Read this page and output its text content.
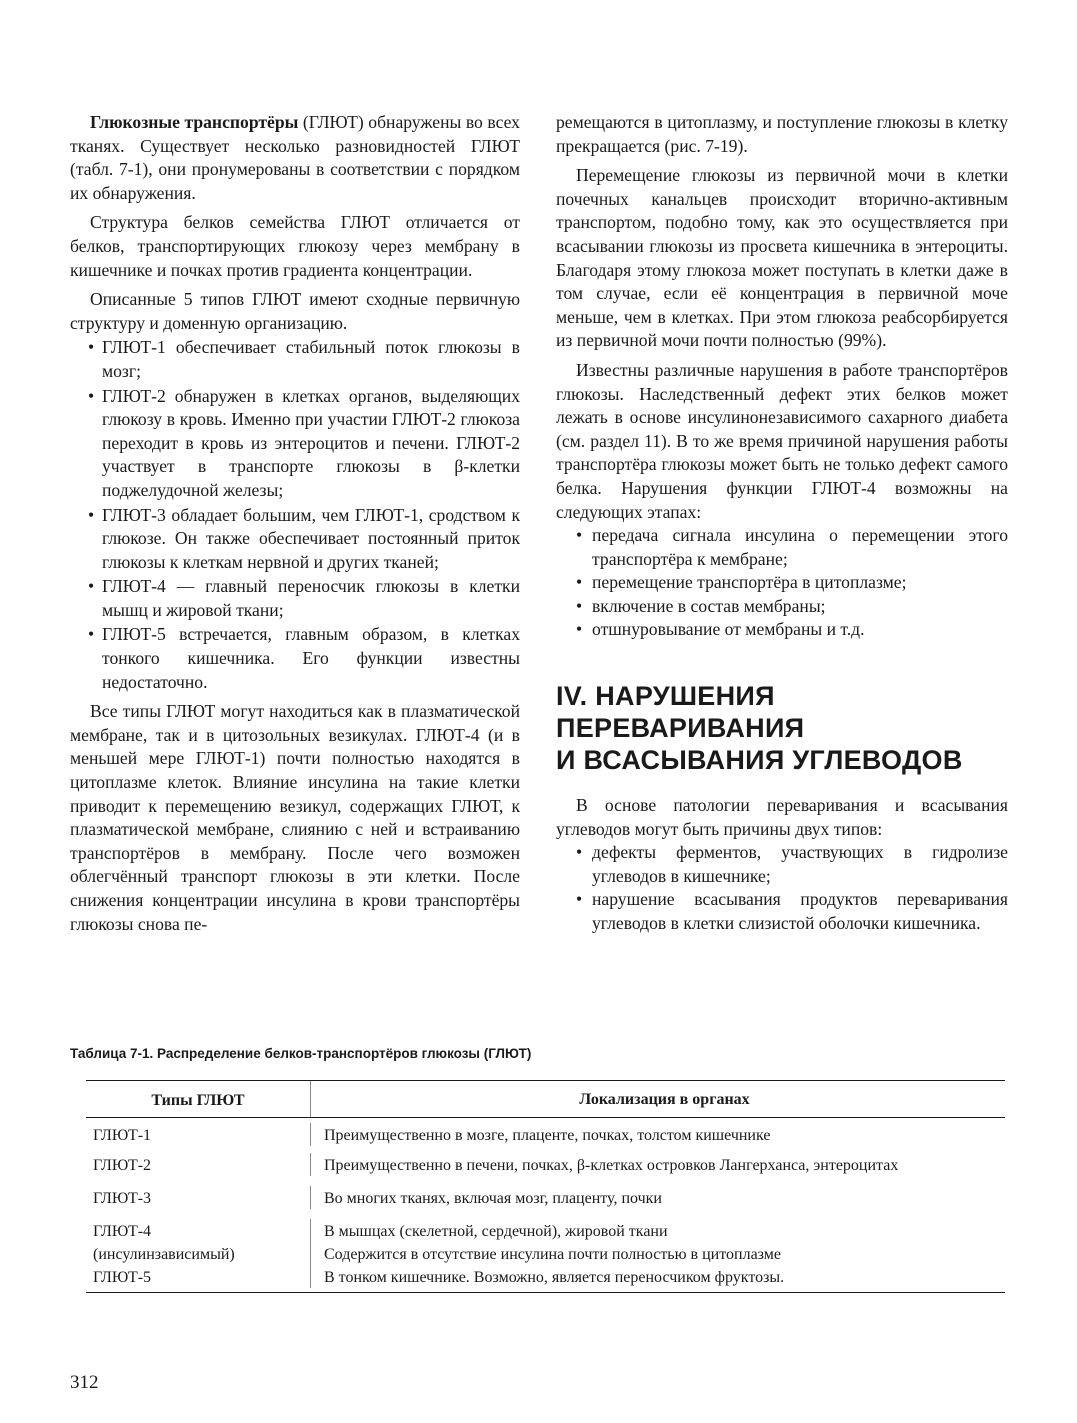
Глюкозные транспортёры (ГЛЮТ) обнаружены во всех тканях. Существует несколько разновидностей ГЛЮТ (табл. 7-1), они пронумерованы в соответствии с порядком их обнаружения.

Структура белков семейства ГЛЮТ отличается от белков, транспортирующих глюкозу через мембрану в кишечнике и почках против градиента концентрации.

Описанные 5 типов ГЛЮТ имеют сходные первичную структуру и доменную организацию.

• ГЛЮТ-1 обеспечивает стабильный поток глюкозы в мозг;
• ГЛЮТ-2 обнаружен в клетках органов, выделяющих глюкозу в кровь. Именно при участии ГЛЮТ-2 глюкоза переходит в кровь из энтероцитов и печени. ГЛЮТ-2 участвует в транспорте глюкозы в β-клетки поджелудочной железы;
• ГЛЮТ-3 обладает большим, чем ГЛЮТ-1, сродством к глюкозе. Он также обеспечивает постоянный приток глюкозы к клеткам нервной и других тканей;
• ГЛЮТ-4 — главный переносчик глюкозы в клетки мышц и жировой ткани;
• ГЛЮТ-5 встречается, главным образом, в клетках тонкого кишечника. Его функции известны недостаточно.

Все типы ГЛЮТ могут находиться как в плазматической мембране, так и в цитозольных везикулах. ГЛЮТ-4 (и в меньшей мере ГЛЮТ-1) почти полностью находятся в цитоплазме клеток. Влияние инсулина на такие клетки приводит к перемещению везикул, содержащих ГЛЮТ, к плазматической мембране, слиянию с ней и встраиванию транспортёров в мембрану. После чего возможен облегчённый транспорт глюкозы в эти клетки. После снижения концентрации инсулина в крови транспортёры глюкозы снова пе-

ремещаются в цитоплазму, и поступление глюкозы в клетку прекращается (рис. 7-19).

Перемещение глюкозы из первичной мочи в клетки почечных канальцев происходит вторично-активным транспортом, подобно тому, как это осуществляется при всасывании глюкозы из просвета кишечника в энтероциты. Благодаря этому глюкоза может поступать в клетки даже в том случае, если её концентрация в первичной моче меньше, чем в клетках. При этом глюкоза реабсорбируется из первичной мочи почти полностью (99%).

Известны различные нарушения в работе транспортёров глюкозы. Наследственный дефект этих белков может лежать в основе инсулинонезависимого сахарного диабета (см. раздел 11). В то же время причиной нарушения работы транспортёра глюкозы может быть не только дефект самого белка. Нарушения функции ГЛЮТ-4 возможны на следующих этапах:

• передача сигнала инсулина о перемещении этого транспортёра к мембране;
• перемещение транспортёра в цитоплазме;
• включение в состав мембраны;
• отшнуровывание от мембраны и т.д.
IV. НАРУШЕНИЯ
ПЕРЕВАРИВАНИЯ
И ВСАСЫВАНИЯ УГЛЕВОДОВ

В основе патологии переваривания и всасывания углеводов могут быть причины двух типов:

• дефекты ферментов, участвующих в гидролизе углеводов в кишечнике;
• нарушение всасывания продуктов переваривания углеводов в клетки слизистой оболочки кишечника.
Таблица 7-1. Распределение белков-транспортёров глюкозы (ГЛЮТ)
Типы ГЛЮТ	Локализация в органах
ГЛЮТ-1	Преимущественно в мозге, плаценте, почках, толстом кишечнике
ГЛЮТ-2	Преимущественно в печени, почках, β-клетках островков Лангерханса, энтероцитах
ГЛЮТ-3	Во многих тканях, включая мозг, плаценту, почки
ГЛЮТ-4	В мышцах (скелетной, сердечной), жировой ткани
(инсулинзависимый)	Содержится в отсутствие инсулина почти полностью в цитоплазме
ГЛЮТ-5	В тонком кишечнике. Возможно, является переносчиком фруктозы.
312
